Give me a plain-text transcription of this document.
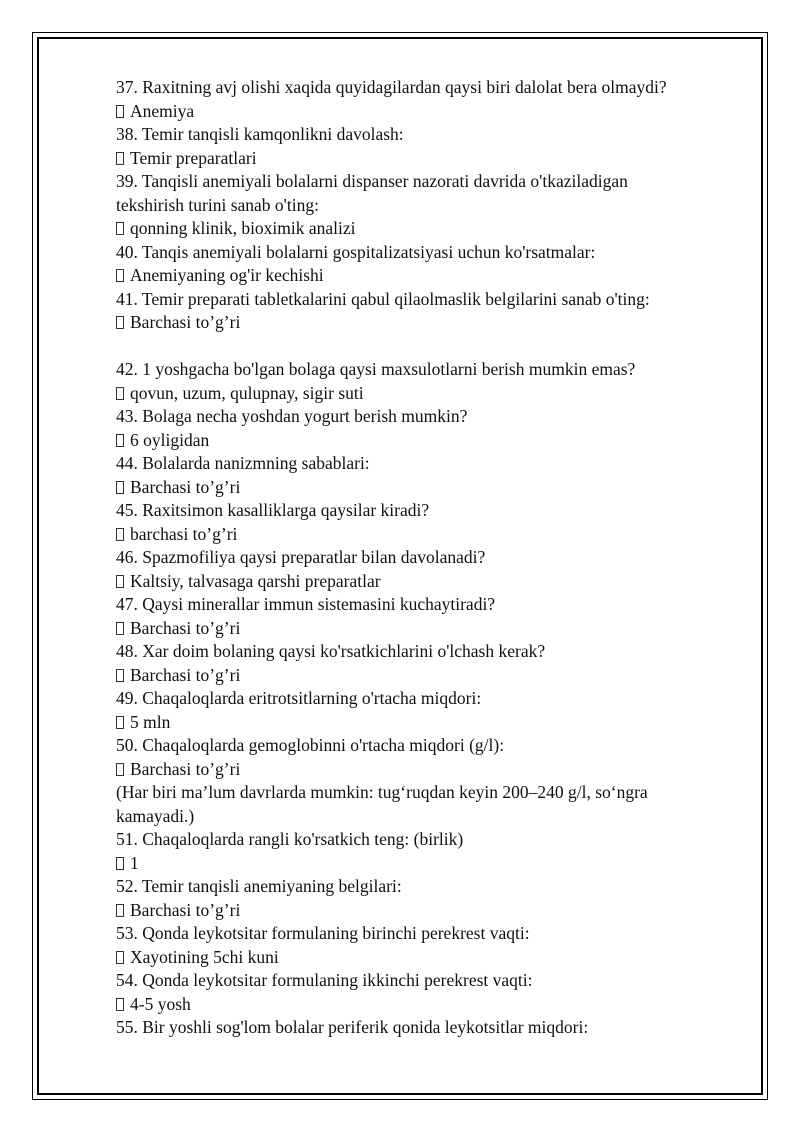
37. Raxitning avj olishi xaqida quyidagilardan qaysi biri dalolat bera olmaydi?

Anemiya

38. Temir tanqisli kamqonlikni davolash:

Temir preparatlari

39. Tanqisli anemiyali bolalarni dispanser nazorati davrida o'tkaziladigan

tekshirish turini sanab o'ting:

qonning klinik, bioximik analizi

40. Tanqis anemiyali bolalarni gospitalizatsiyasi uchun ko'rsatmalar:

Anemiyaning og'ir kechishi

41. Temir preparati tabletkalarini qabul qilaolmaslik belgilarini sanab o'ting:

Barchasi to’g’ri

42. 1 yoshgacha bo'lgan bolaga qaysi maxsulotlarni berish mumkin emas?

qovun, uzum, qulupnay, sigir suti

43. Bolaga necha yoshdan yogurt berish mumkin?

6 oyligidan

44. Bolalarda nanizmning sabablari:

Barchasi to’g’ri

45. Raxitsimon kasalliklarga qaysilar kiradi?

barchasi to’g’ri

46. Spazmofiliya qaysi preparatlar bilan davolanadi?

Kaltsiy, talvasaga qarshi preparatlar

47. Qaysi minerallar immun sistemasini kuchaytiradi?

Barchasi to’g’ri

48. Xar doim bolaning qaysi ko'rsatkichlarini o'lchash kerak?

Barchasi to’g’ri

49. Chaqaloqlarda eritrotsitlarning o'rtacha miqdori:

5 mln

50. Chaqaloqlarda gemoglobinni o'rtacha miqdori (g/l):

Barchasi to’g’ri

(Har biri ma’lum davrlarda mumkin: tug‘ruqdan keyin 200–240 g/l, so‘ngra

kamayadi.)

51. Chaqaloqlarda rangli ko'rsatkich teng: (birlik)

1

52. Temir tanqisli anemiyaning belgilari:

Barchasi to’g’ri

53. Qonda leykotsitar formulaning birinchi perekrest vaqti:

Xayotining 5chi kuni

54. Qonda leykotsitar formulaning ikkinchi perekrest vaqti:

4-5 yosh

55. Bir yoshli sog'lom bolalar periferik qonida leykotsitlar miqdori:
